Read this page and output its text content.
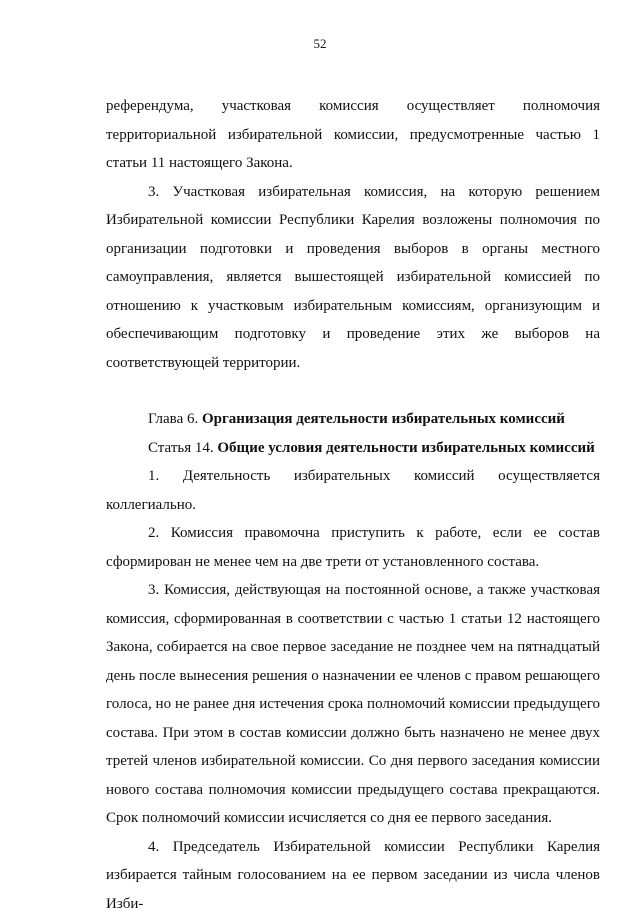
52

референдума, участковая комиссия осуществляет полномочия территориальной избирательной комиссии, предусмотренные частью 1 статьи 11 настоящего Закона.

3. Участковая избирательная комиссия, на которую решением Избирательной комиссии Республики Карелия возложены полномочия по организации подготовки и проведения выборов в органы местного самоуправления, является вышестоящей избирательной комиссией по отношению к участковым избирательным комиссиям, организующим и обеспечивающим подготовку и проведение этих же выборов на соответствующей территории.

Глава 6. Организация деятельности избирательных комиссий

Статья 14. Общие условия деятельности избирательных комиссий

1. Деятельность избирательных комиссий осуществляется коллегиально.

2. Комиссия правомочна приступить к работе, если ее состав сформирован не менее чем на две трети от установленного состава.

3. Комиссия, действующая на постоянной основе, а также участковая комиссия, сформированная в соответствии с частью 1 статьи 12 настоящего Закона, собирается на свое первое заседание не позднее чем на пятнадцатый день после вынесения решения о назначении ее членов с правом решающего голоса, но не ранее дня истечения срока полномочий комиссии предыдущего состава. При этом в состав комиссии должно быть назначено не менее двух третей членов избирательной комиссии. Со дня первого заседания комиссии нового состава полномочия комиссии предыдущего состава прекращаются. Срок полномочий комиссии исчисляется со дня ее первого заседания.

4. Председатель Избирательной комиссии Республики Карелия избирается тайным голосованием на ее первом заседании из числа членов Изби-
